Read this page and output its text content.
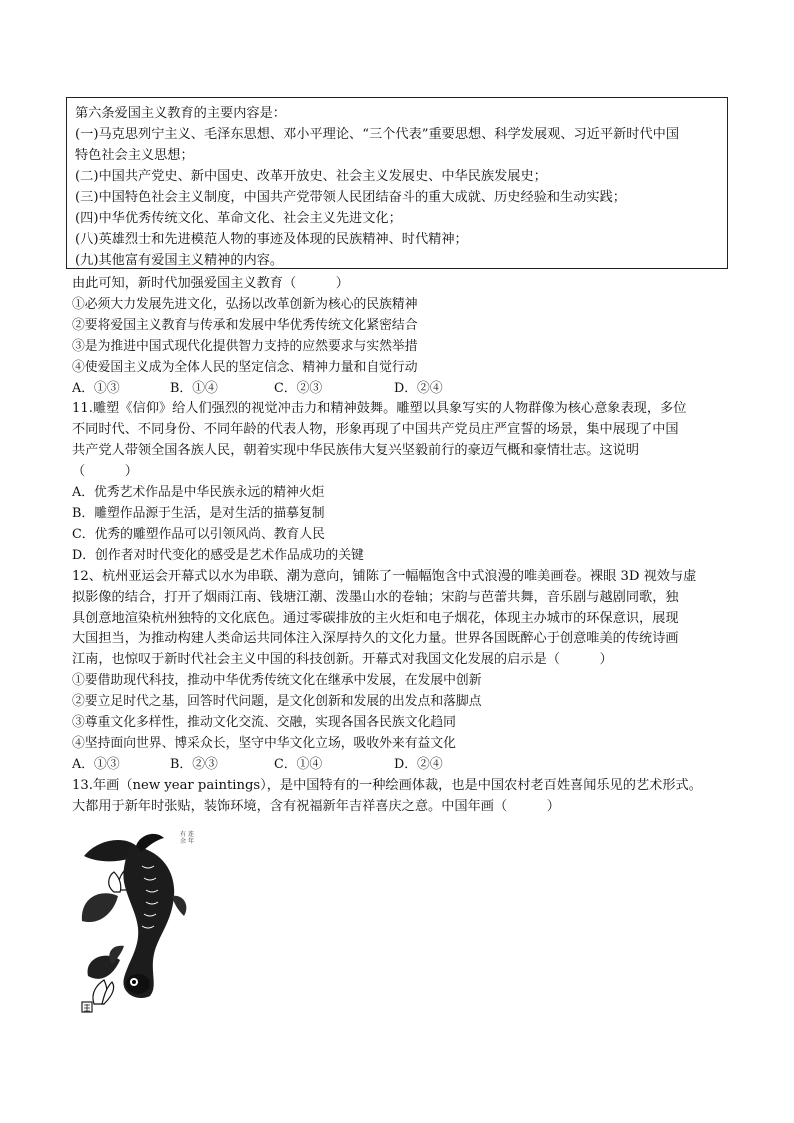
第六条爱国主义教育的主要内容是：
(一)马克思列宁主义、毛泽东思想、邓小平理论、“三个代表”重要思想、科学发展观、习近平新时代中国
特色社会主义思想；
(二)中国共产党史、新中国史、改革开放史、社会主义发展史、中华民族发展史；
(三)中国特色社会主义制度，中国共产党带领人民团结奋斗的重大成就、历史经验和生动实践；
(四)中华优秀传统文化、革命文化、社会主义先进文化；
(八)英雄烈士和先进模范人物的事迹及体现的民族精神、时代精神；
(九)其他富有爱国主义精神的内容。
由此可知，新时代加强爱国主义教育（　　　）
①必须大力发展先进文化，弘扬以改革创新为核心的民族精神
②要将爱国主义教育与传承和发展中华优秀传统文化紧密结合
③是为推进中国式现代化提供智力支持的应然要求与实然举措
④使爱国主义成为全体人民的坚定信念、精神力量和自觉行动
A．①③	B．①④	C．②③	D．②④
11.雕塑《信仰》给人们强烈的视觉冲击力和精神鼓舞。雕塑以具象写实的人物群像为核心意象表现，多位
不同时代、不同身份、不同年龄的代表人物，形象再现了中国共产党员庄严宣誓的场景，集中展现了中国
共产党人带领全国各族人民，朝着实现中华民族伟大复兴坚毅前行的豪迈气概和豪情壮志。这说明
（　　　）
A．优秀艺术作品是中华民族永远的精神火炬
B．雕塑作品源于生活，是对生活的描摹复制
C．优秀的雕塑作品可以引领风尚、教育人民
D．创作者对时代变化的感受是艺术作品成功的关键
12、杭州亚运会开幕式以水为串联、潮为意向，铺陈了一幅幅饱含中式浪漫的唯美画卷。裸眼 3D 视效与虚
拟影像的结合，打开了烟雨江南、钱塘江潮、泼墨山水的卷轴；宋韵与芭蕾共舞，音乐剧与越剧同歌，独
具创意地渲染杭州独特的文化底色。通过零碳排放的主火炬和电子烟花，体现主办城市的环保意识，展现
大国担当，为推动构建人类命运共同体注入深厚持久的文化力量。世界各国既醉心于创意唯美的传统诗画
江南，也惊叹于新时代社会主义中国的科技创新。开幕式对我国文化发展的启示是（　　　）
①要借助现代科技，推动中华优秀传统文化在继承中发展，在发展中创新
②要立足时代之基，回答时代问题，是文化创新和发展的出发点和落脚点
③尊重文化多样性，推动文化交流、交融，实现各国各民族文化趋同
④坚持面向世界、博采众长，坚守中华文化立场，吸收外来有益文化
A．①③	B．②③	C．①④	D．②④
13.年画（new year paintings），是中国特有的一种绘画体裁，也是中国农村老百姓喜闻乐见的艺术形式。
大都用于新年时张贴，装饰环境，含有祝福新年吉祥喜庆之意。中国年画（　　　）
连
年
有
余
